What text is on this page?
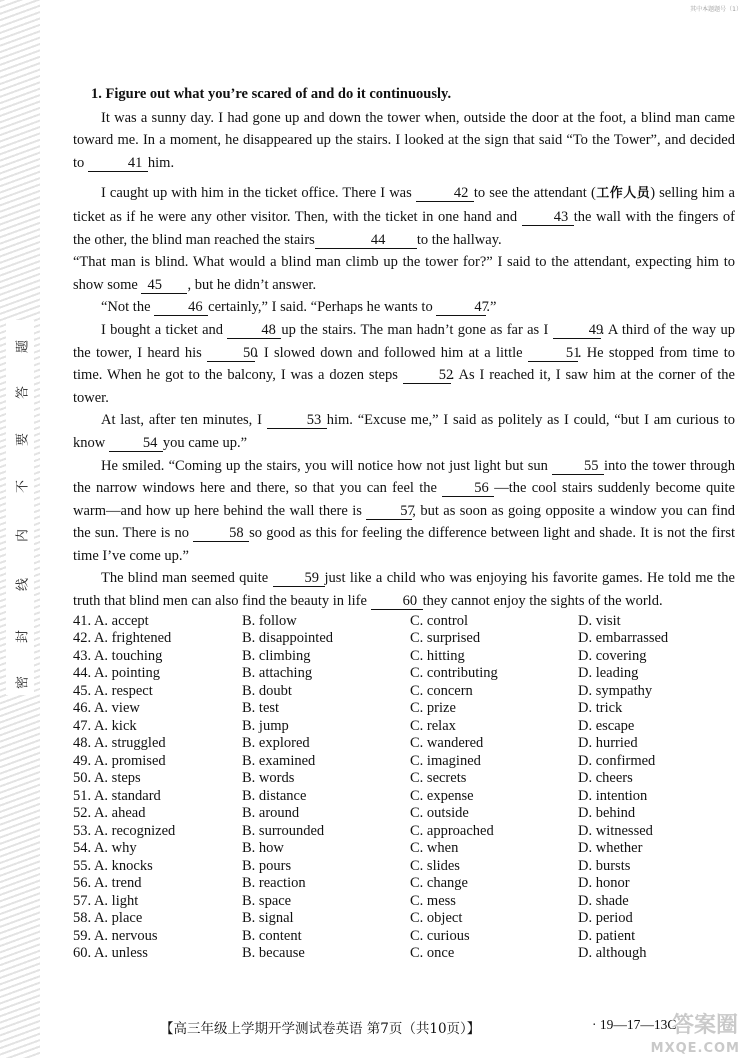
题
答
要
不
内
线
封
密
其中本题题号（1）
1. Figure out what you’re scared of and do it continuously.
It was a sunny day. I had gone up and down the tower when, outside the door at the foot, a blind man came toward me. In a moment, he disappeared up the stairs. I looked at the sign that said “To the Tower”, and decided to	41 him.
I caught up with him in the ticket office. There I was	42 to see the attendant (工作人员) selling him a ticket as if he were any other visitor. Then, with the ticket in one hand and 43 the wall with the fingers of the other, the blind man reached the stairs	44 to the hallway.
“That man is blind. What would a blind man climb up the tower for?” I said to the attendant, expecting him to show some 45 , but he didn’t answer.
“Not the 46 certainly,” I said. “Perhaps he wants to	47.”
I bought a ticket and 48 up the stairs. The man hadn’t gone as far as I 49. A third of the way up the tower, I heard his 50. I slowed down and followed him at a little	51. He stopped from time to time. When he got to the balcony, I was a dozen steps 52. As I reached it, I saw him at the corner of the tower.
At last, after ten minutes, I	53 him. “Excuse me,” I said as politely as I could, “but I am curious to know 54 you came up.”
He smiled. “Coming up the stairs, you will notice how not just light but sun 55 into the tower through the narrow windows here and there, so that you can feel the 56 —the cool stairs suddenly become quite warm—and how up here behind the wall there is 57, but as soon as going opposite a window you can find the sun. There is no 58 so good as this for feeling the difference between light and shade. It is not the first time I’ve come up.”
The blind man seemed quite 59 just like a child who was enjoying his favorite games. He told me the truth that blind men can also find the beauty in life 60 they cannot enjoy the sights of the world.
41. A. accept	B. follow	C. control	D. visit
42. A. frightened	B. disappointed	C. surprised	D. embarrassed
43. A. touching	B. climbing	C. hitting	D. covering
44. A. pointing	B. attaching	C. contributing	D. leading
45. A. respect	B. doubt	C. concern	D. sympathy
46. A. view	B. test	C. prize	D. trick
47. A. kick	B. jump	C. relax	D. escape
48. A. struggled	B. explored	C. wandered	D. hurried
49. A. promised	B. examined	C. imagined	D. confirmed
50. A. steps	B. words	C. secrets	D. cheers
51. A. standard	B. distance	C. expense	D. intention
52. A. ahead	B. around	C. outside	D. behind
53. A. recognized	B. surrounded	C. approached	D. witnessed
54. A. why	B. how	C. when	D. whether
55. A. knocks	B. pours	C. slides	D. bursts
56. A. trend	B. reaction	C. change	D. honor
57. A. light	B. space	C. mess	D. shade
58. A. place	B. signal	C. object	D. period
59. A. nervous	B. content	C. curious	D. patient
60. A. unless	B. because	C. once	D. although
【高三年级上学期开学测试卷英语 第7页（共10页）】	· 19—17—13C ·
答案圈
MXQE.COM
